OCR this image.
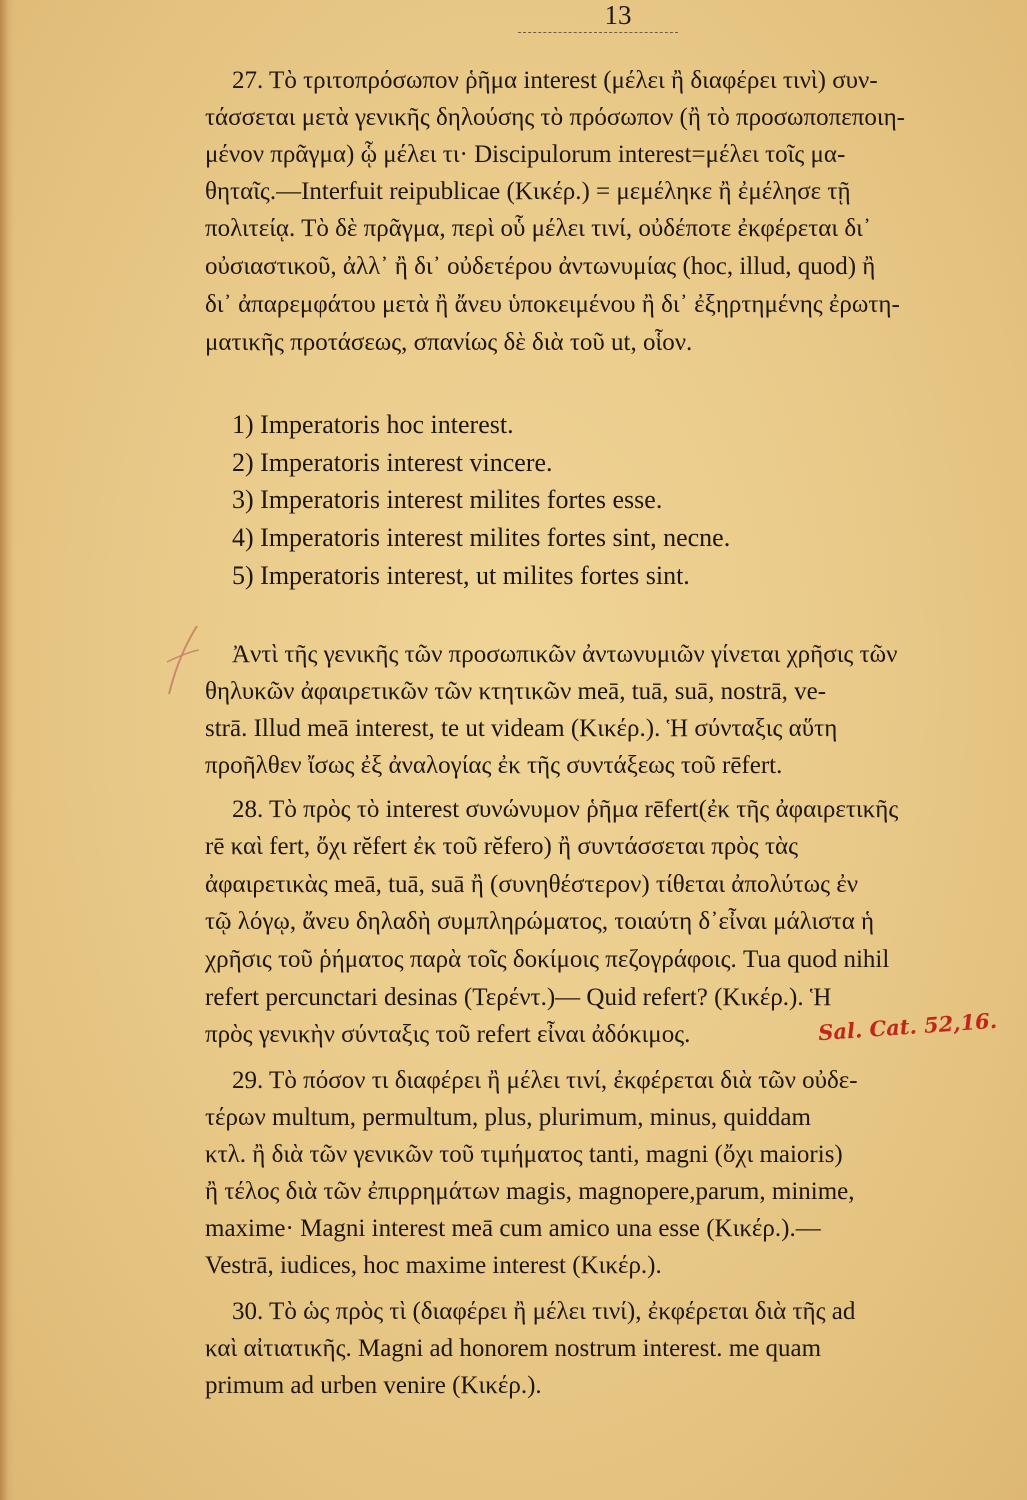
13
27. Τὸ τριτοπρόσωπον ῥῆμα interest (μέλει ἢ διαφέρει τινὶ) συν-
τάσσεται μετὰ γενικῆς δηλούσης τὸ πρόσωπον (ἢ τὸ προσωποπεποιη-
μένον πρᾶγμα) ᾧ μέλει τι· Discipulorum interest=μέλει τοῖς μα-
θηταῖς.—Interfuit reipublicae (Κικέρ.) = μεμέληκε ἢ ἐμέλησε τῇ
πολιτείᾳ. Τὸ δὲ πρᾶγμα, περὶ οὗ μέλει τινί, οὐδέποτε ἐκφέρεται δι᾽
οὐσιαστικοῦ, ἀλλ᾽ ἢ δι᾽ οὐδετέρου ἀντωνυμίας (hoc, illud, quod) ἢ
δι᾽ ἀπαρεμφάτου μετὰ ἢ ἄνευ ὑποκειμένου ἢ δι᾽ ἐξηρτημένης ἐρωτη-
ματικῆς προτάσεως, σπανίως δὲ διὰ τοῦ ut, οἷον.
1) Imperatoris hoc interest.
2) Imperatoris interest vincere.
3) Imperatoris interest milites fortes esse.
4) Imperatoris interest milites fortes sint, necne.
5) Imperatoris interest, ut milites fortes sint.
Ἀντὶ τῆς γενικῆς τῶν προσωπικῶν ἀντωνυμιῶν γίνεται χρῆσις τῶν
θηλυκῶν ἀφαιρετικῶν τῶν κτητικῶν meā, tuā, suā, nostrā, ve-
strā. Illud meā interest, te ut videam (Κικέρ.). Ἡ σύνταξις αὕτη
προῆλθεν ἴσως ἐξ ἀναλογίας ἐκ τῆς συντάξεως τοῦ rēfert.
28. Τὸ πρὸς τὸ interest συνώνυμον ῥῆμα rēfert(ἐκ τῆς ἀφαιρετικῆς
rē καὶ fert, ὄχι rĕfert ἐκ τοῦ rĕfero) ἢ συντάσσεται πρὸς τὰς
ἀφαιρετικὰς meā, tuā, suā ἢ (συνηθέστερον) τίθεται ἀπολύτως ἐν
τῷ λόγῳ, ἄνευ δηλαδὴ συμπληρώματος, τοιαύτη δ᾽εἶναι μάλιστα ἡ
χρῆσις τοῦ ῥήματος παρὰ τοῖς δοκίμοις πεζογράφοις. Tua quod nihil
refert percunctari desinas (Τερέντ.)— Quid refert? (Κικέρ.). Ἡ
πρὸς γενικὴν σύνταξις τοῦ refert εἶναι ἀδόκιμος.	Sal. Cat. 52,16.
29. Τὸ πόσον τι διαφέρει ἢ μέλει τινί, ἐκφέρεται διὰ τῶν οὐδε-
τέρων multum, permultum, plus, plurimum, minus, quiddam
κτλ. ἢ διὰ τῶν γενικῶν τοῦ τιμήματος tanti, magni (ὄχι maioris)
ἢ τέλος διὰ τῶν ἐπιρρημάτων magis, magnopere,parum, minime,
maxime· Magni interest meā cum amico una esse (Κικέρ.).—
Vestrā, iudices, hoc maxime interest (Κικέρ.).
30. Τὸ ὡς πρὸς τὶ (διαφέρει ἢ μέλει τινί), ἐκφέρεται διὰ τῆς ad
καὶ αἰτιατικῆς. Magni ad honorem nostrum interest. me quam
primum ad urben venire (Κικέρ.).
